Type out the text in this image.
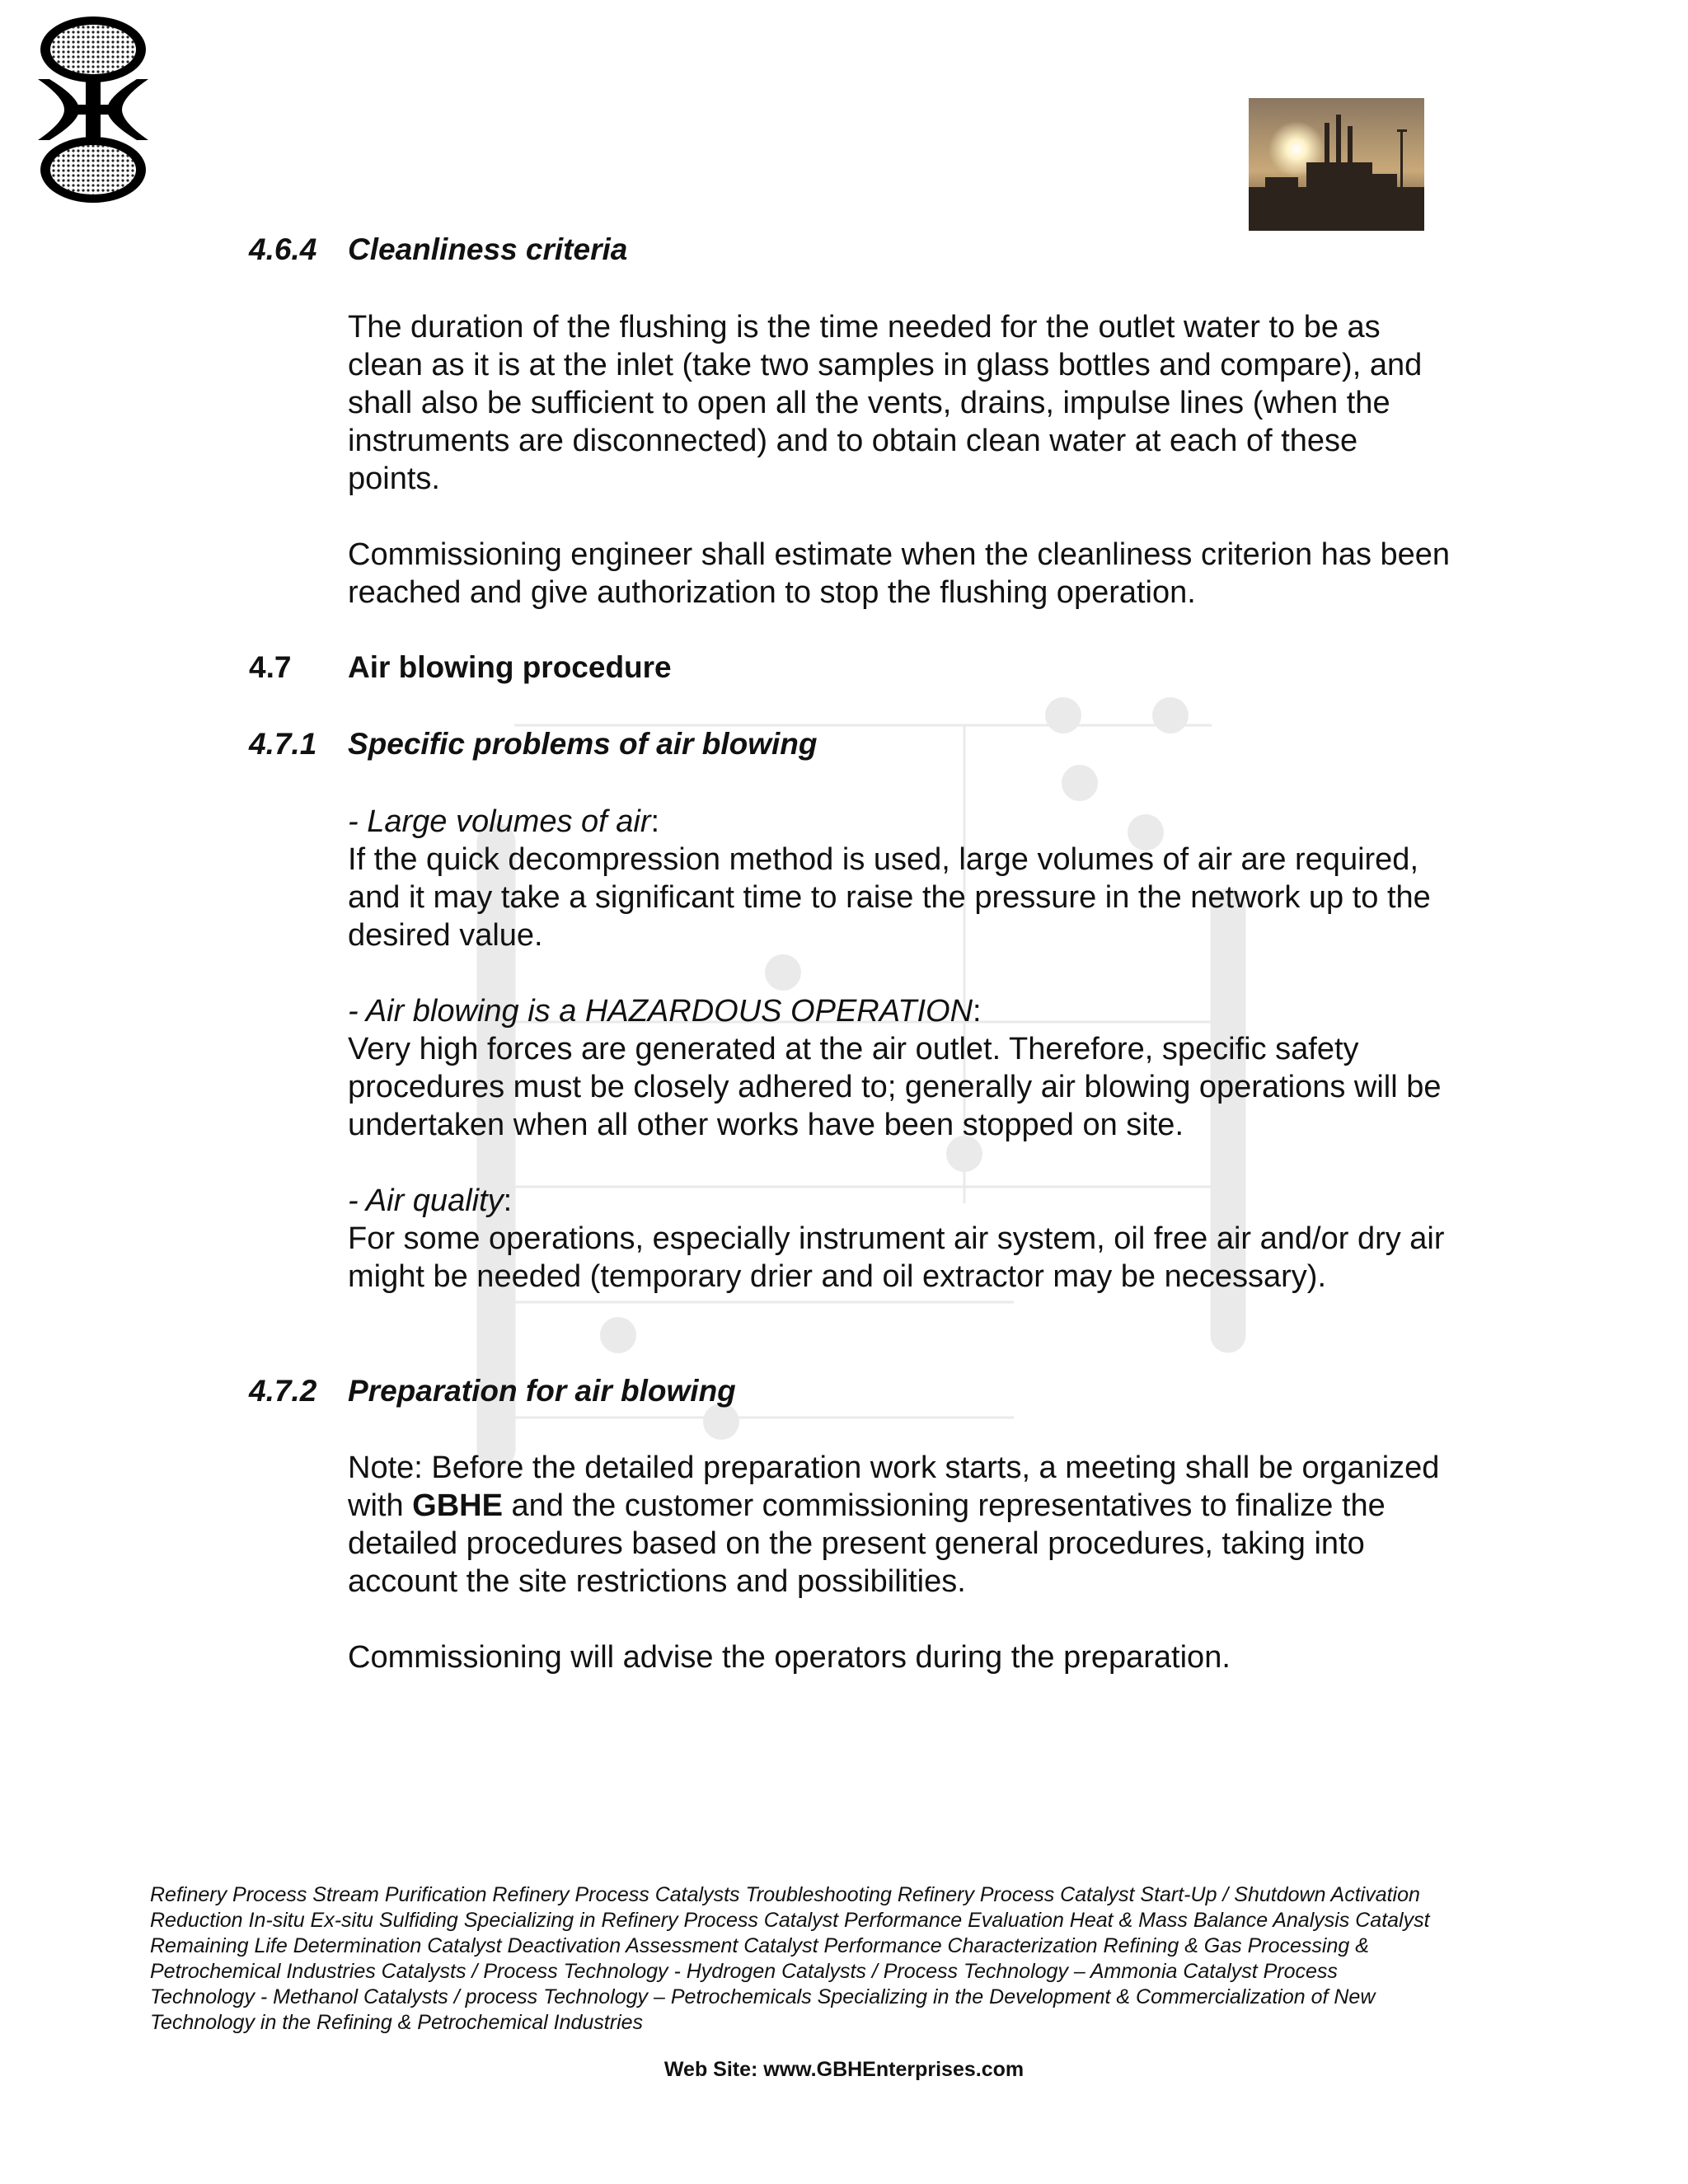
4.6.4 Cleanliness criteria

The duration of the flushing is the time needed for the outlet water to be as clean as it is at the inlet (take two samples in glass bottles and compare), and shall also be sufficient to open all the vents, drains, impulse lines (when the instruments are disconnected) and to obtain clean water at each of these points.

Commissioning engineer shall estimate when the cleanliness criterion has been reached and give authorization to stop the flushing operation.

4.7 Air blowing procedure
4.7.1 Specific problems of air blowing

- Large volumes of air:
If the quick decompression method is used, large volumes of air are required, and it may take a significant time to raise the pressure in the network up to the desired value.

- Air blowing is a HAZARDOUS OPERATION:
Very high forces are generated at the air outlet. Therefore, specific safety procedures must be closely adhered to; generally air blowing operations will be undertaken when all other works have been stopped on site.

- Air quality:
For some operations, especially instrument air system, oil free air and/or dry air might be needed (temporary drier and oil extractor may be necessary).

4.7.2 Preparation for air blowing

Note: Before the detailed preparation work starts, a meeting shall be organized with GBHE and the customer commissioning representatives to finalize the detailed procedures based on the present general procedures, taking into account the site restrictions and possibilities.

Commissioning will advise the operators during the preparation.

Refinery Process Stream Purification Refinery Process Catalysts Troubleshooting Refinery Process Catalyst Start-Up / Shutdown Activation Reduction In-situ Ex-situ Sulfiding Specializing in Refinery Process Catalyst Performance Evaluation Heat & Mass Balance Analysis Catalyst Remaining Life Determination Catalyst Deactivation Assessment Catalyst Performance Characterization Refining & Gas Processing & Petrochemical Industries Catalysts / Process Technology - Hydrogen Catalysts / Process Technology – Ammonia Catalyst Process Technology - Methanol Catalysts / process Technology – Petrochemicals Specializing in the Development & Commercialization of New Technology in the Refining & Petrochemical Industries

Web Site: www.GBHEnterprises.com
